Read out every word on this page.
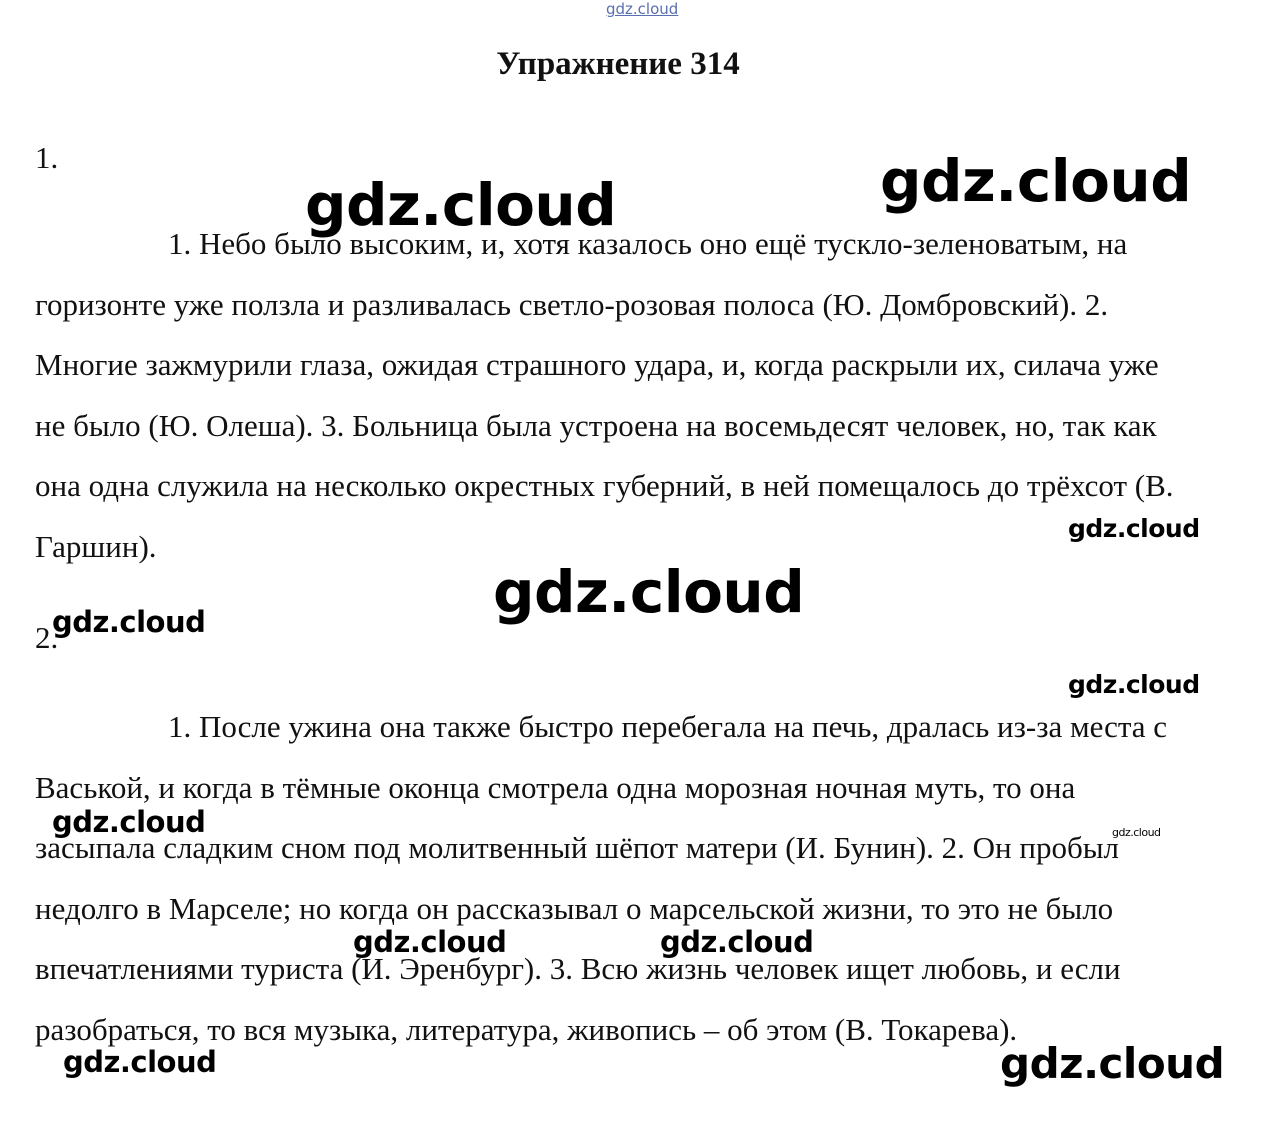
gdz.cloud
Упражнение 314
1.

1. Небо было высоким, и, хотя казалось оно ещё тускло-зеленоватым, на горизонте уже ползла и разливалась светло-розовая полоса (Ю. Домбровский). 2. Многие зажмурили глаза, ожидая страшного удара, и, когда раскрыли их, силача уже не было (Ю. Олеша). 3. Больница была устроена на восемьдесят человек, но, так как она одна служила на несколько окрестных губерний, в ней помещалось до трёхсот (В. Гаршин).

2.

1. После ужина она также быстро перебегала на печь, дралась из-за места с Васькой, и когда в тёмные оконца смотрела одна морозная ночная муть, то она засыпала сладким сном под молитвенный шёпот матери (И. Бунин). 2. Он пробыл недолго в Марселе; но когда он рассказывал о марсельской жизни, то это не было впечатлениями туриста (И. Эренбург). 3. Всю жизнь человек ищет любовь, и если разобраться, то вся музыка, литература, живопись – об этом (В. Токарева).

gdz.cloud	gdz.cloud
gdz.cloud
gdz.cloud
gdz.cloud
gdz.cloud
gdz.cloud	gdz.cloud
gdz.cloud	gdz.cloud
gdz.cloud	gdz.cloud
